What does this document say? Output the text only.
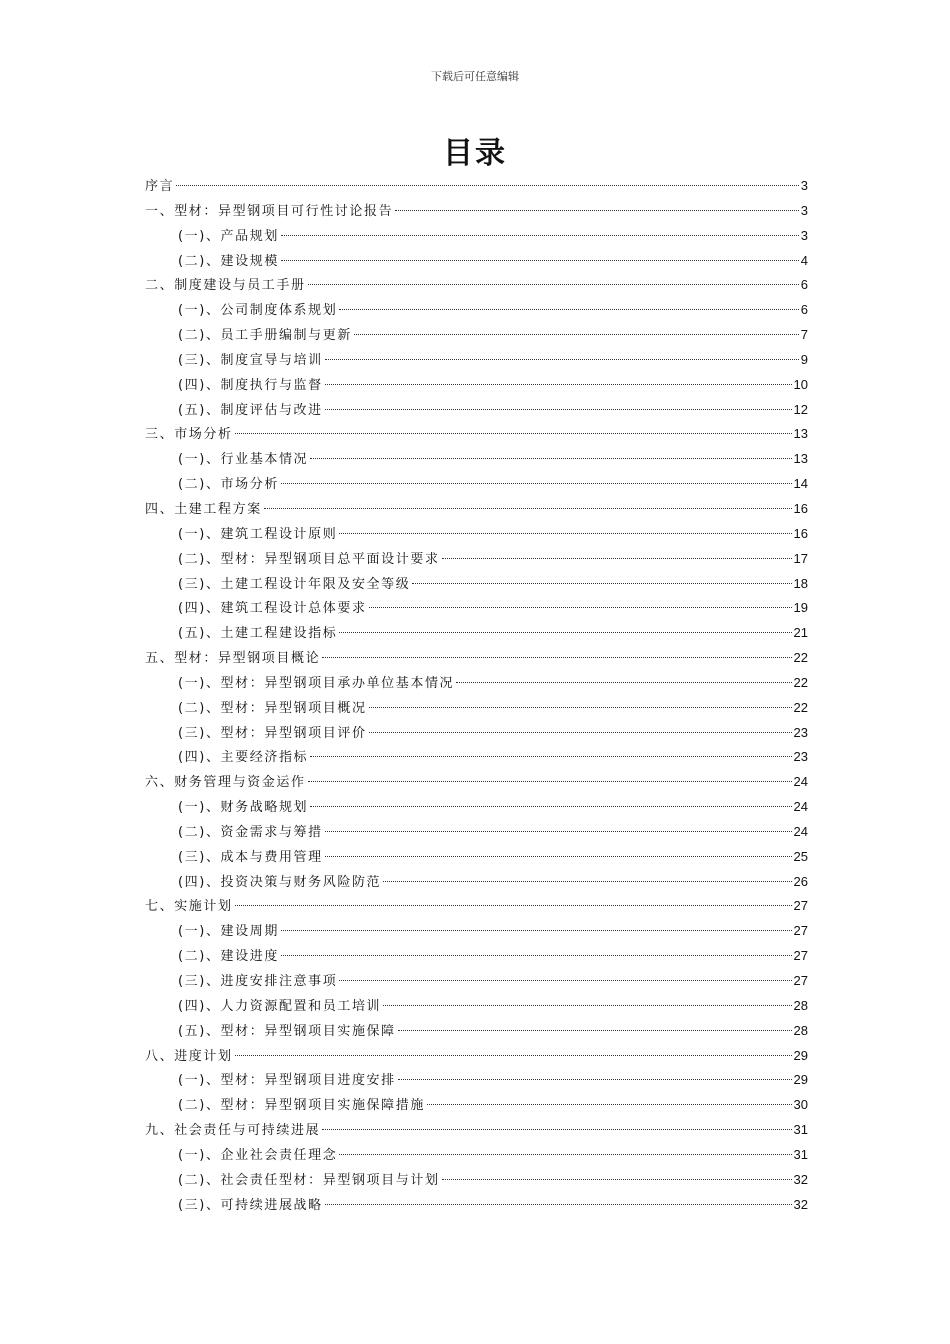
下载后可任意编辑
目录
序言	3
一、型材：异型钢项目可行性讨论报告	3
(一)、产品规划	3
(二)、建设规模	4
二、制度建设与员工手册	6
(一)、公司制度体系规划	6
(二)、员工手册编制与更新	7
(三)、制度宣导与培训	9
(四)、制度执行与监督	10
(五)、制度评估与改进	12
三、市场分析	13
(一)、行业基本情况	13
(二)、市场分析	14
四、土建工程方案	16
(一)、建筑工程设计原则	16
(二)、型材：异型钢项目总平面设计要求	17
(三)、土建工程设计年限及安全等级	18
(四)、建筑工程设计总体要求	19
(五)、土建工程建设指标	21
五、型材：异型钢项目概论	22
(一)、型材：异型钢项目承办单位基本情况	22
(二)、型材：异型钢项目概况	22
(三)、型材：异型钢项目评价	23
(四)、主要经济指标	23
六、财务管理与资金运作	24
(一)、财务战略规划	24
(二)、资金需求与筹措	24
(三)、成本与费用管理	25
(四)、投资决策与财务风险防范	26
七、实施计划	27
(一)、建设周期	27
(二)、建设进度	27
(三)、进度安排注意事项	27
(四)、人力资源配置和员工培训	28
(五)、型材：异型钢项目实施保障	28
八、进度计划	29
(一)、型材：异型钢项目进度安排	29
(二)、型材：异型钢项目实施保障措施	30
九、社会责任与可持续进展	31
(一)、企业社会责任理念	31
(二)、社会责任型材：异型钢项目与计划	32
(三)、可持续进展战略	32
